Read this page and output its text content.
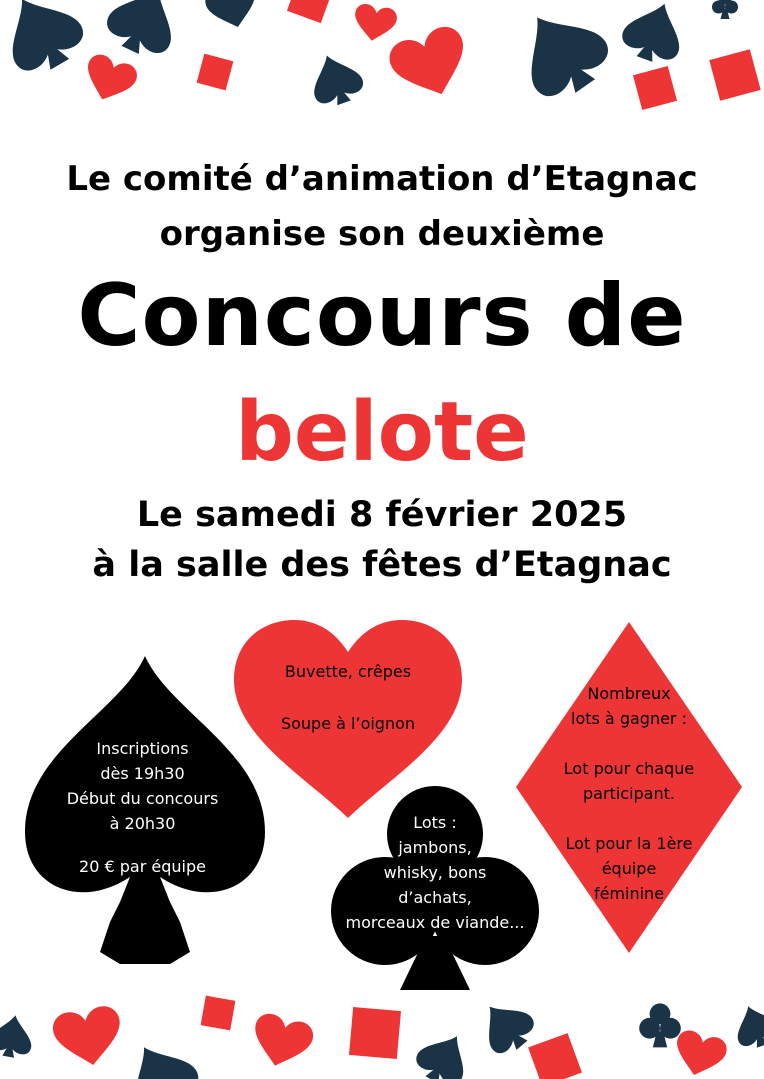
Le comité d’animation d’Etagnac
organise son deuxième
Concours de
belote
Le samedi 8 février 2025
à la salle des fêtes d’Etagnac
Inscriptions
dès 19h30
Début du concours
à 20h30
20 € par équipe
Buvette, crêpes
Soupe à l’oignon
Nombreux
lots à gagner :
Lot pour chaque
participant.
Lot pour la 1ère
équipe
féminine
Lots :
jambons,
whisky, bons
d’achats,
morceaux de viande...
